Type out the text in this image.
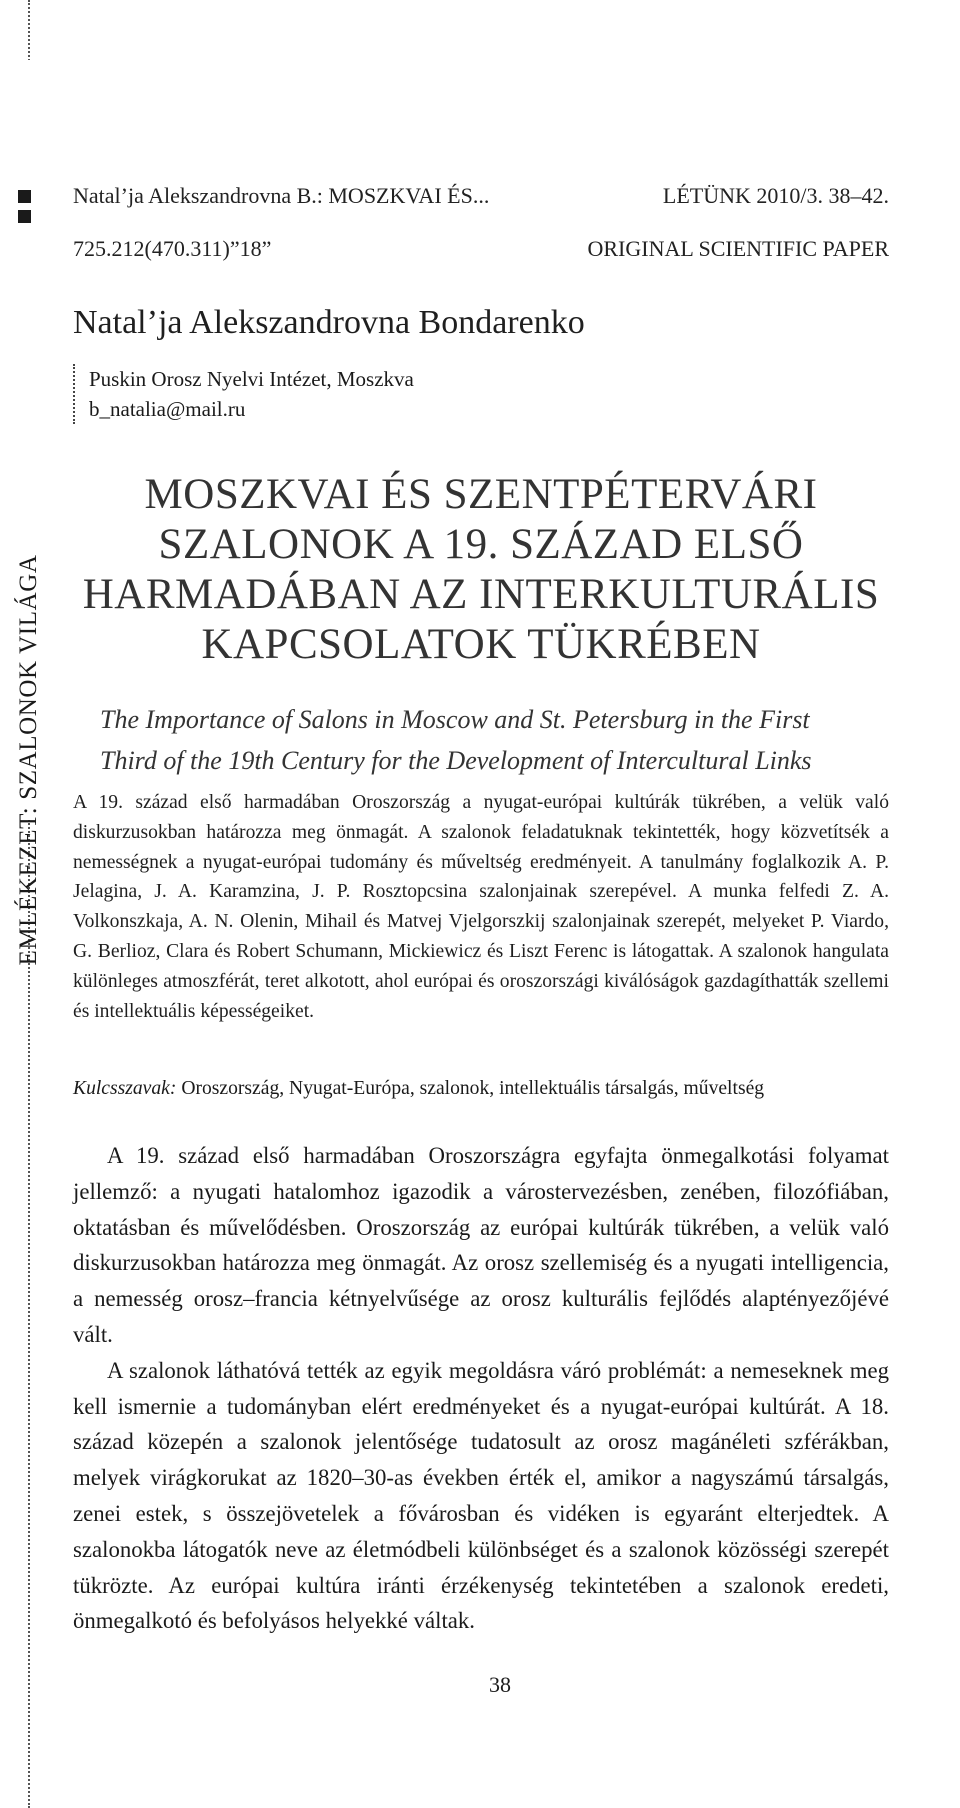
EMLÉKEZET: SZALONOK VILÁGA
Natal’ja Alekszandrovna B.: MOSZKVAI ÉS...	LÉTÜNK 2010/3. 38–42.
725.212(470.311)”18”	ORIGINAL SCIENTIFIC PAPER
Natal’ja Alekszandrovna Bondarenko
Puskin Orosz Nyelvi Intézet, Moszkva
b_natalia@mail.ru
MOSZKVAI ÉS SZENTPÉTERVÁRI
SZALONOK A 19. SZÁZAD ELSŐ
HARMADÁBAN AZ INTERKULTURÁLIS
KAPCSOLATOK TÜKRÉBEN
The Importance of Salons in Moscow and St. Petersburg in the First
Third of the 19th Century for the Development of Intercultural Links
A 19. század első harmadában Oroszország a nyugat-európai kultúrák tükrében, a velük való diskurzusokban határozza meg önmagát. A szalonok feladatuknak tekintették, hogy közvetítsék a nemességnek a nyugat-európai tudomány és műveltség eredményeit. A tanulmány foglalkozik A. P. Jelagina, J. A. Karamzina, J. P. Rosztopcsina szalonjainak szerepével. A munka felfedi Z. A. Volkonszkaja, A. N. Olenin, Mihail és Matvej Vjelgorszkij szalonjainak szerepét, melyeket P. Viardo, G. Berlioz, Clara és Robert Schumann, Mickiewicz és Liszt Ferenc is látogattak. A szalonok hangulata különleges atmoszférát, teret alkotott, ahol európai és oroszországi kiválóságok gazdagíthatták szellemi és intellektuális képességeiket.
Kulcsszavak: Oroszország, Nyugat-Európa, szalonok, intellektuális társalgás, műveltség

A 19. század első harmadában Oroszországra egyfajta önmegalkotási folyamat jellemző: a nyugati hatalomhoz igazodik a várostervezésben, zenében, filozófiában, oktatásban és művelődésben. Oroszország az európai kultúrák tükrében, a velük való diskurzusokban határozza meg önmagát. Az orosz szellemiség és a nyugati intelligencia, a nemesség orosz–francia kétnyelvűsége az orosz kulturális fejlődés alaptényezőjévé vált.

A szalonok láthatóvá tették az egyik megoldásra váró problémát: a nemeseknek meg kell ismernie a tudományban elért eredményeket és a nyugat-európai kultúrát. A 18. század közepén a szalonok jelentősége tudatosult az orosz magánéleti szférákban, melyek virágkorukat az 1820–30-as években érték el, amikor a nagyszámú társalgás, zenei estek, s összejövetelek a fővárosban és vidéken is egyaránt elterjedtek. A szalonokba látogatók neve az életmódbeli különbséget és a szalonok közösségi szerepét tükrözte. Az európai kultúra iránti érzékenység tekintetében a szalonok eredeti, önmegalkotó és befolyásos helyekké váltak.

38
